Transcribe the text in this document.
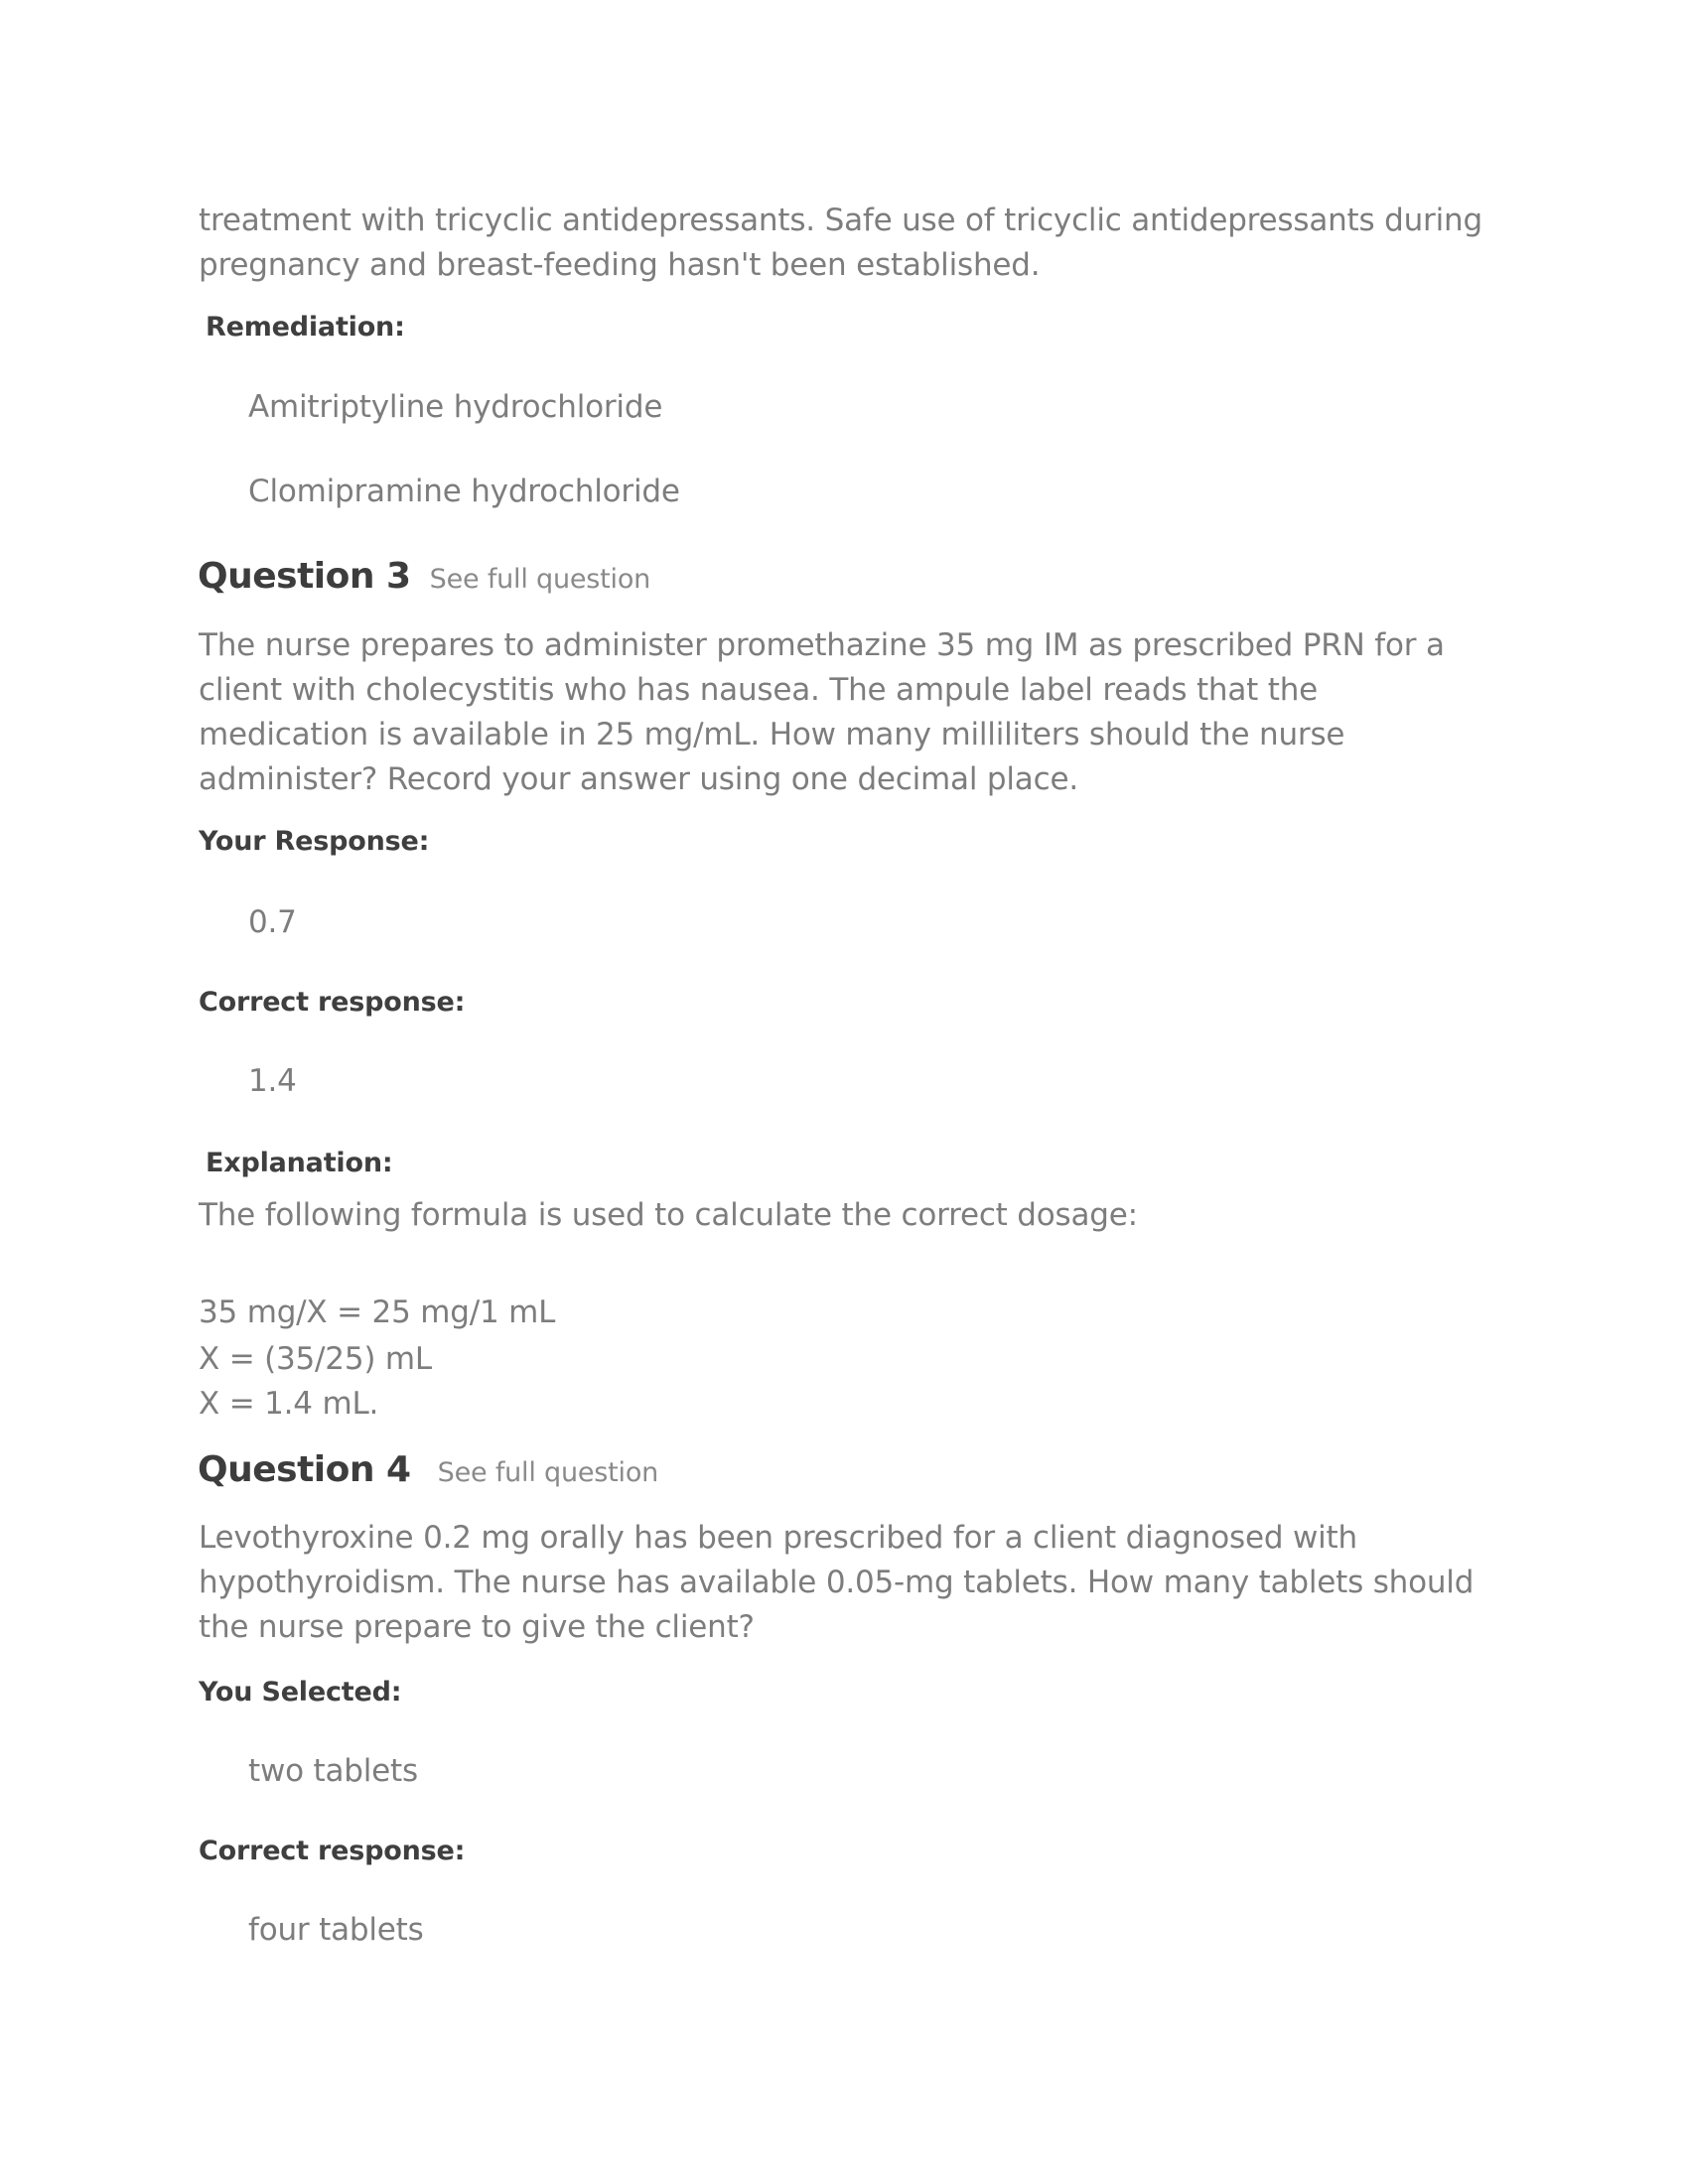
treatment with tricyclic antidepressants. Safe use of tricyclic antidepressants during
pregnancy and breast-feeding hasn't been established.
Remediation:
Amitriptyline hydrochloride
Clomipramine hydrochloride
Question 3 See full question
The nurse prepares to administer promethazine 35 mg IM as prescribed PRN for a
client with cholecystitis who has nausea. The ampule label reads that the
medication is available in 25 mg/mL. How many milliliters should the nurse
administer? Record your answer using one decimal place.
Your Response:
0.7
Correct response:
1.4
Explanation:
The following formula is used to calculate the correct dosage:
35 mg/X = 25 mg/1 mL
X = (35/25) mL
X = 1.4 mL.
Question 4 See full question
Levothyroxine 0.2 mg orally has been prescribed for a client diagnosed with
hypothyroidism. The nurse has available 0.05-mg tablets. How many tablets should
the nurse prepare to give the client?
You Selected:
two tablets
Correct response:
four tablets
